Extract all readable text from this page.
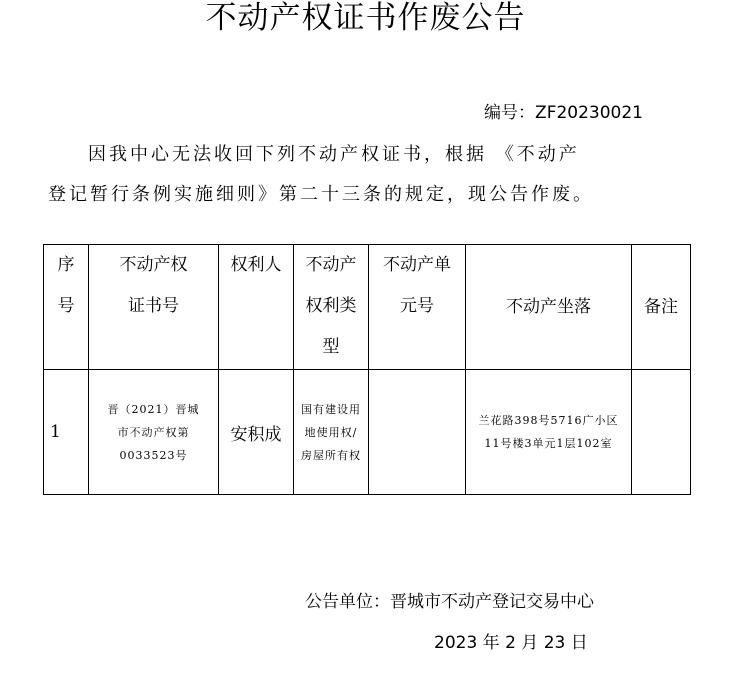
不动产权证书作废公告
编号：ZF20230021
因我中心无法收回下列不动产权证书，根据 《不动产
登记暂行条例实施细则》第二十三条的规定，现公告作废。
序号	不动产权证书号	权利人	不动产权利类型	不动产单元号	不动产坐落	备注
1	晋（2021）晋城市不动产权第0033523号	安积成	国有建设用地使用权/房屋所有权		兰花路398号5716广小区11号楼3单元1层102室	

公告单位：晋城市不动产登记交易中心
2023 年 2 月 23 日
